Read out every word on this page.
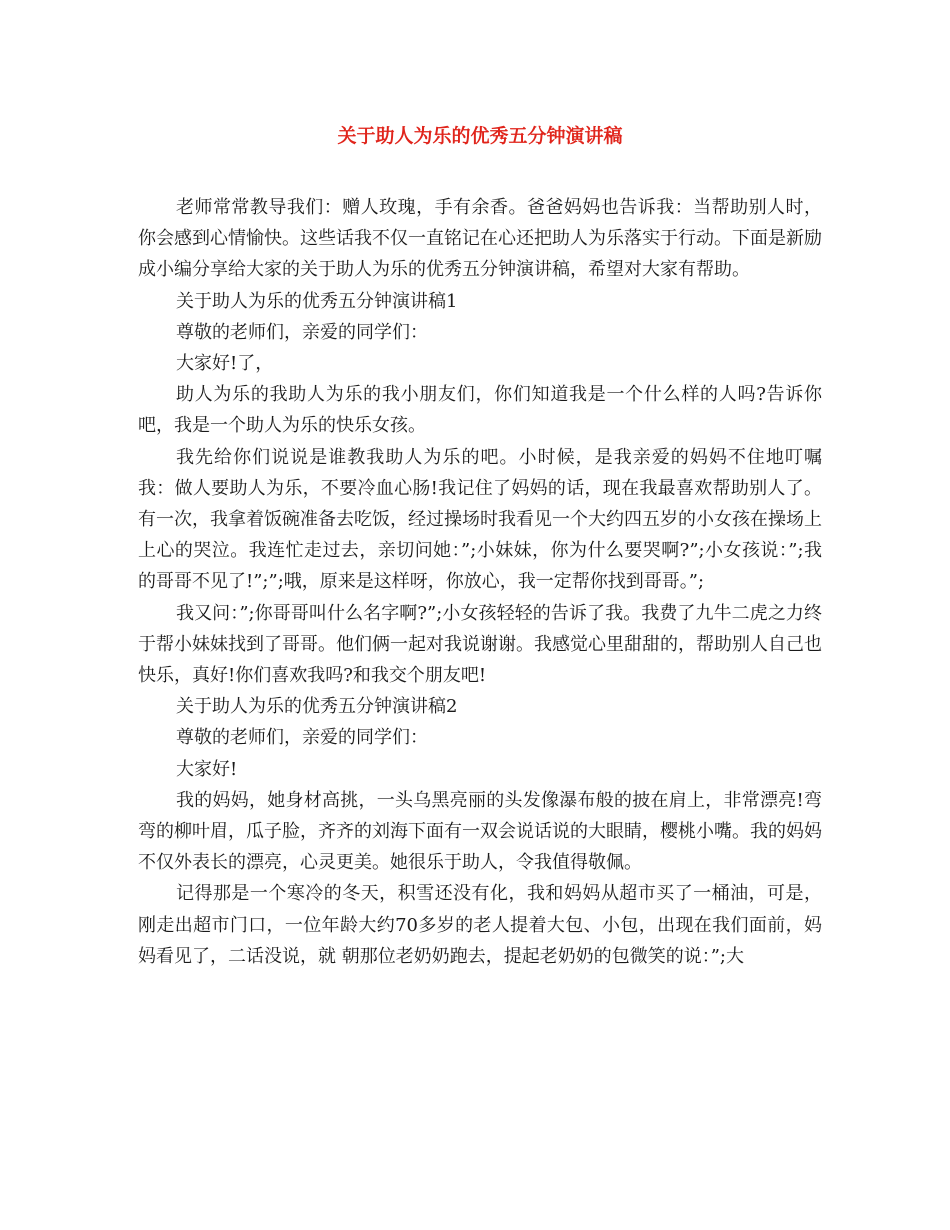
关于助人为乐的优秀五分钟演讲稿

老师常常教导我们：赠人玫瑰，手有余香。爸爸妈妈也告诉我：当帮助别人时，你会感到心情愉快。这些话我不仅一直铭记在心还把助人为乐落实于行动。下面是新励成小编分享给大家的关于助人为乐的优秀五分钟演讲稿，希望对大家有帮助。

关于助人为乐的优秀五分钟演讲稿1

尊敬的老师们，亲爱的同学们：

大家好!了，

助人为乐的我助人为乐的我小朋友们，你们知道我是一个什么样的人吗?告诉你吧，我是一个助人为乐的快乐女孩。

我先给你们说说是谁教我助人为乐的吧。小时候，是我亲爱的妈妈不住地叮嘱我：做人要助人为乐，不要冷血心肠!我记住了妈妈的话，现在我最喜欢帮助别人了。有一次，我拿着饭碗准备去吃饭，经过操场时我看见一个大约四五岁的小女孩在操场上上心的哭泣。我连忙走过去，亲切问她：”;小妹妹，你为什么要哭啊?”;小女孩说：”;我的哥哥不见了!”;”;哦，原来是这样呀，你放心，我一定帮你找到哥哥。”;

我又问：”;你哥哥叫什么名字啊?”;小女孩轻轻的告诉了我。我费了九牛二虎之力终于帮小妹妹找到了哥哥。他们俩一起对我说谢谢。我感觉心里甜甜的，帮助别人自己也快乐，真好!你们喜欢我吗?和我交个朋友吧!

关于助人为乐的优秀五分钟演讲稿2

尊敬的老师们，亲爱的同学们：

大家好!

我的妈妈，她身材高挑，一头乌黑亮丽的头发像瀑布般的披在肩上，非常漂亮!弯弯的柳叶眉，瓜子脸，齐齐的刘海下面有一双会说话说的大眼睛，樱桃小嘴。我的妈妈不仅外表长的漂亮，心灵更美。她很乐于助人，令我值得敬佩。

记得那是一个寒冷的冬天，积雪还没有化，我和妈妈从超市买了一桶油，可是，刚走出超市门口，一位年龄大约70多岁的老人提着大包、小包，出现在我们面前，妈妈看见了，二话没说，就 朝那位老奶奶跑去，提起老奶奶的包微笑的说：”;大
